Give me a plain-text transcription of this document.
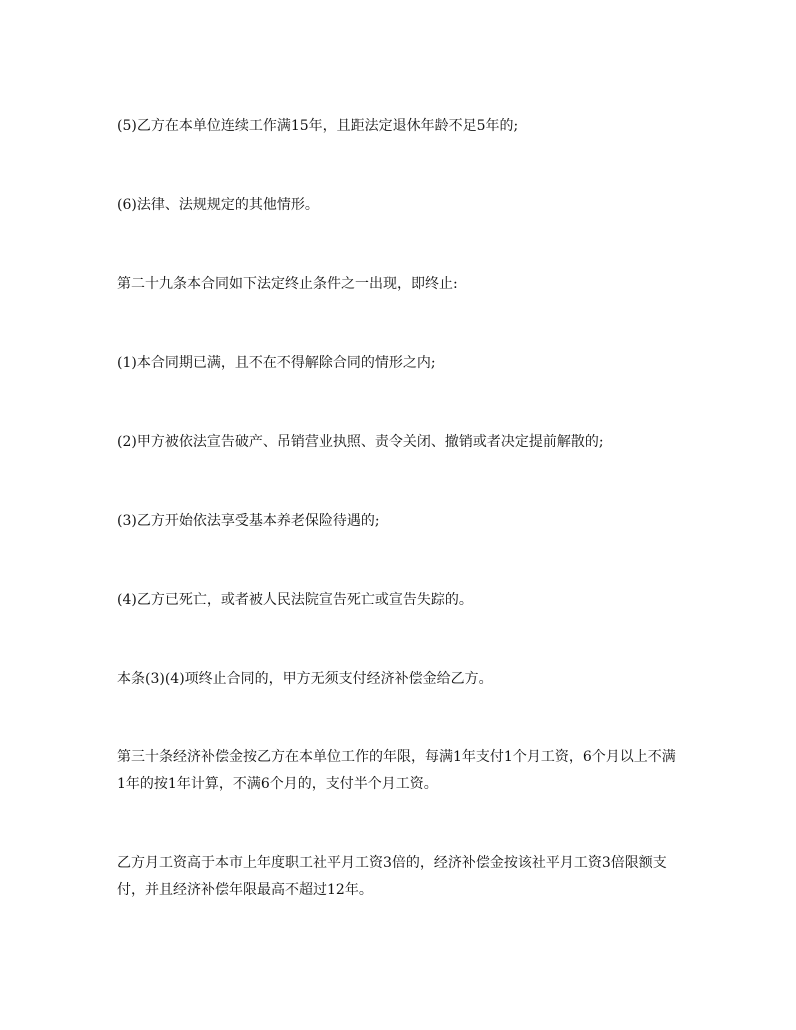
(5)乙方在本单位连续工作满15年，且距法定退休年龄不足5年的;

(6)法律、法规规定的其他情形。

第二十九条本合同如下法定终止条件之一出现，即终止:

(1)本合同期已满，且不在不得解除合同的情形之内;

(2)甲方被依法宣告破产、吊销营业执照、责令关闭、撤销或者决定提前解散的;

(3)乙方开始依法享受基本养老保险待遇的;

(4)乙方已死亡，或者被人民法院宣告死亡或宣告失踪的。

本条(3)(4)项终止合同的，甲方无须支付经济补偿金给乙方。

第三十条经济补偿金按乙方在本单位工作的年限，每满1年支付1个月工资，6个月以上不满1年的按1年计算，不满6个月的，支付半个月工资。

乙方月工资高于本市上年度职工社平月工资3倍的，经济补偿金按该社平月工资3倍限额支付，并且经济补偿年限最高不超过12年。
